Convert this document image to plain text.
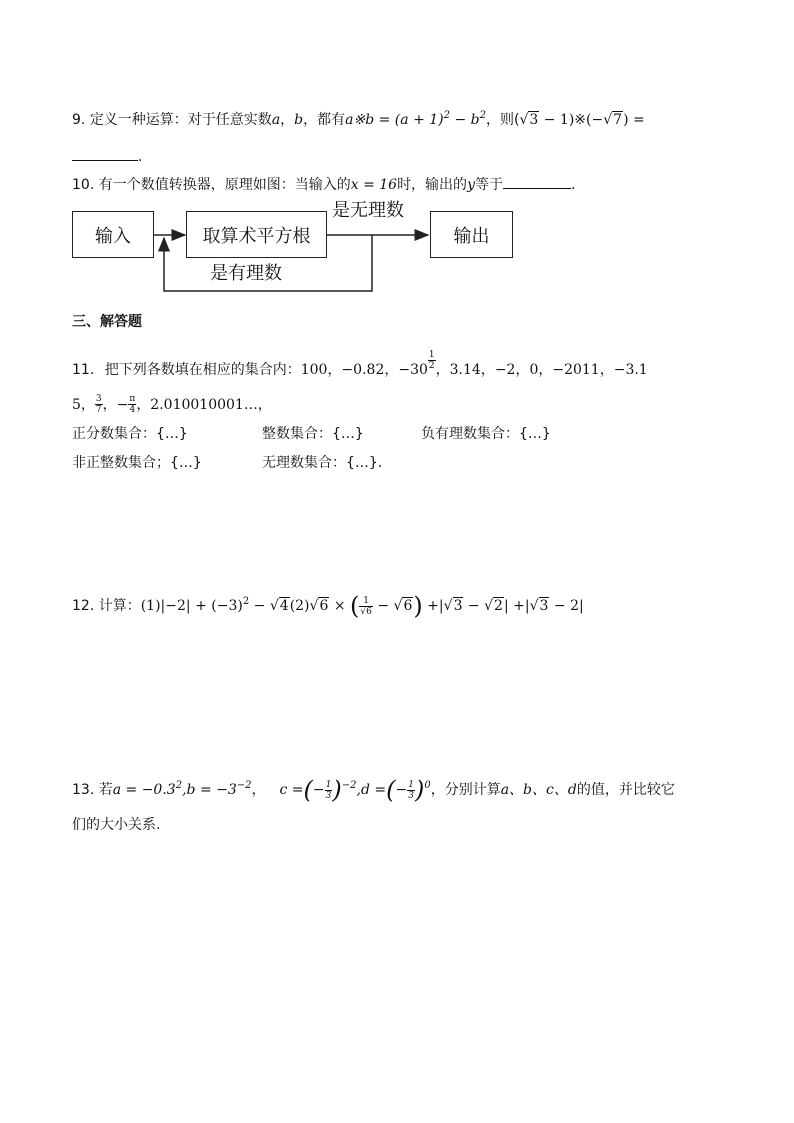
9. 定义一种运算：对于任意实数a，b，都有a※b = $(a + 1)^2 - b^2$，则(√3 − 1)※(−√7) =
.
10. 有一个数值转换器，原理如图：当输入的x = 16时，输出的y等于	.
输入	取算术平方根	输出
是无理数
是有理数
三、解答题
11. 把下列各数填在相应的集合内：100，−0.82，$-30 \frac{1}{2}$ ，3.14，−2，0，−2011，−3.1
5， $\frac{3}{7}$ ，− $\frac{\pi}{4}$ ，2.010010001…，
正分数集合：{…}	整数集合：{…}	负有理数集合：{…}
非正整数集合；{…}	无理数集合：{…}.
12. 计算：$(1)|-2| + (-3)^2 - √4(2)√6$ × ( $\frac{1}{√6} - √6) +|√3 - √2| +|√3 - 2|$
13. 若$a = -0.3^2,b = -3^{-2}$， c =(− $\frac{1}{3} )^{-2},d$ =(− $\frac{1}{3} )^0$，分别计算a、b、c、d的值，并比较它
们的大小关系.
